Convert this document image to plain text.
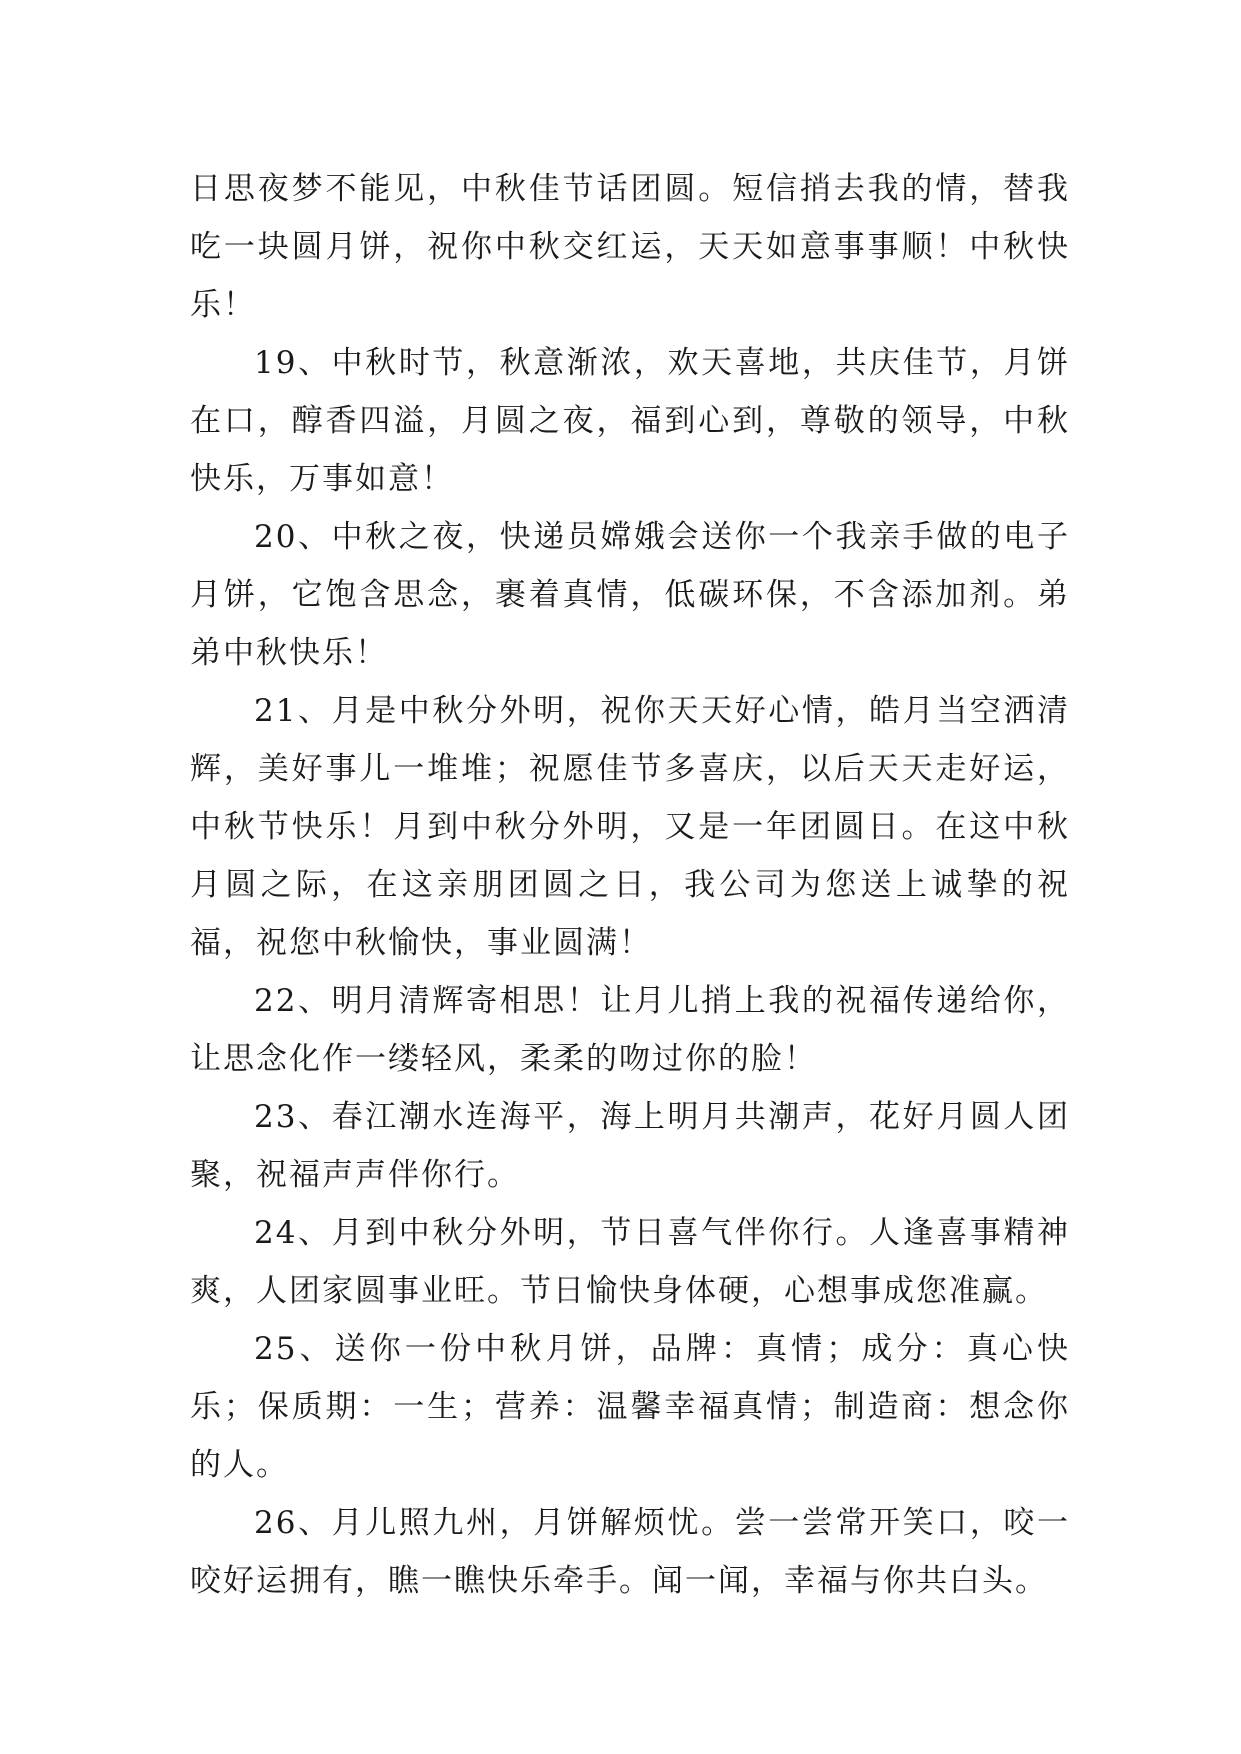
日思夜梦不能见，中秋佳节话团圆。短信捎去我的情，替我吃一块圆月饼，祝你中秋交红运，天天如意事事顺！中秋快乐！

19、中秋时节，秋意渐浓，欢天喜地，共庆佳节，月饼在口，醇香四溢，月圆之夜，福到心到，尊敬的领导，中秋快乐，万事如意！

20、中秋之夜，快递员嫦娥会送你一个我亲手做的电子月饼，它饱含思念，裹着真情，低碳环保，不含添加剂。弟弟中秋快乐！

21、月是中秋分外明，祝你天天好心情，皓月当空洒清辉，美好事儿一堆堆；祝愿佳节多喜庆，以后天天走好运，中秋节快乐！月到中秋分外明，又是一年团圆日。在这中秋月圆之际，在这亲朋团圆之日，我公司为您送上诚挚的祝福，祝您中秋愉快，事业圆满！

22、明月清辉寄相思！让月儿捎上我的祝福传递给你，让思念化作一缕轻风，柔柔的吻过你的脸！

23、春江潮水连海平，海上明月共潮声，花好月圆人团聚，祝福声声伴你行。

24、月到中秋分外明，节日喜气伴你行。人逢喜事精神爽，人团家圆事业旺。节日愉快身体硬，心想事成您准赢。

25、送你一份中秋月饼，品牌：真情；成分：真心快乐；保质期：一生；营养：温馨幸福真情；制造商：想念你的人。

26、月儿照九州，月饼解烦忧。尝一尝常开笑口，咬一咬好运拥有，瞧一瞧快乐牵手。闻一闻，幸福与你共白头。
